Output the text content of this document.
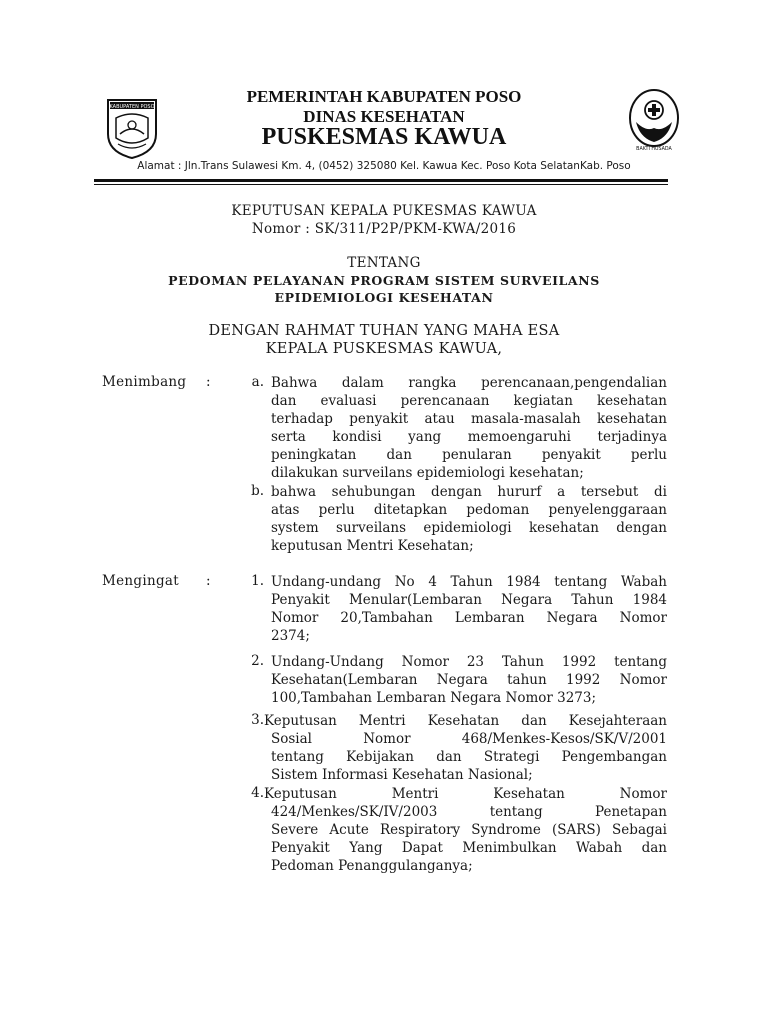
KABUPATEN POSO
PEMERINTAH KABUPATEN POSO
DINAS KESEHATAN
PUSKESMAS KAWUA	BAKTI HUSADA
Alamat : Jln.Trans Sulawesi Km. 4, (0452) 325080 Kel. Kawua Kec. Poso Kota SelatanKab. Poso
KEPUTUSAN KEPALA PUKESMAS KAWUA
Nomor : SK/311/P2P/PKM-KWA/2016
TENTANG
PEDOMAN PELAYANAN PROGRAM SISTEM SURVEILANS
EPIDEMIOLOGI KESEHATAN
DENGAN RAHMAT TUHAN YANG MAHA ESA
KEPALA PUSKESMAS KAWUA,
Menimbang :	a. Bahwa dalam rangka perencanaan,pengendalian
dan evaluasi perencanaan kegiatan kesehatan
terhadap penyakit atau masala-masalah kesehatan
serta kondisi yang memoengaruhi terjadinya
peningkatan dan penularan penyakit perlu
dilakukan surveilans epidemiologi kesehatan;
b. bahwa sehubungan dengan hururf a tersebut di
atas perlu ditetapkan pedoman penyelenggaraan
system surveilans epidemiologi kesehatan dengan
keputusan Mentri Kesehatan;
Mengingat :	1. Undang-undang No 4 Tahun 1984 tentang Wabah
Penyakit Menular(Lembaran Negara Tahun 1984
Nomor 20,Tambahan Lembaran Negara Nomor
2374;
2. Undang-Undang Nomor 23 Tahun 1992 tentang
Kesehatan(Lembaran Negara tahun 1992 Nomor
100,Tambahan Lembaran Negara Nomor 3273;
3. Keputusan Mentri Kesehatan dan Kesejahteraan
Sosial Nomor 468/Menkes-Kesos/SK/V/2001
tentang Kebijakan dan Strategi Pengembangan
Sistem Informasi Kesehatan Nasional;
4. Keputusan Mentri Kesehatan Nomor
424/Menkes/SK/IV/2003 tentang Penetapan
Severe Acute Respiratory Syndrome (SARS) Sebagai
Penyakit Yang Dapat Menimbulkan Wabah dan
Pedoman Penanggulanganya;
